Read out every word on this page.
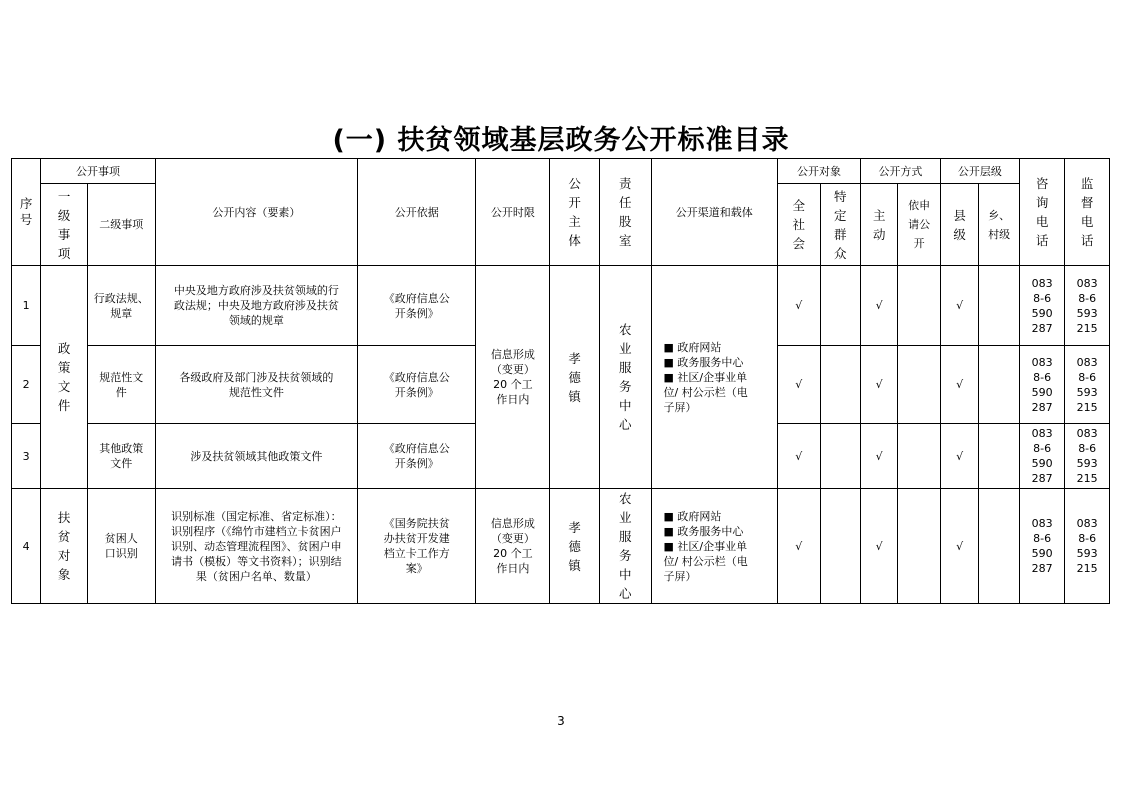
(一) 扶贫领域基层政务公开标准目录
序号	公开事项		公开内容（要素）	公开依据	公开时限	公开主体	责任股室	公开渠道和载体	公开对象		公开方式		公开层级		咨询电话	监督电话
	一级事项	二级事项							全社会	特定群众	主动	依申请公开	县级	乡、村级		
1	政策文件	行政法规、规章	中央及地方政府涉及扶贫领域的行政法规；中央及地方政府涉及扶贫领域的规章	《政府信息公开条例》	信息形成（变更）20 个工作日内	孝德镇	农业服务中心	■ 政府网站
■ 政务服务中心
■ 社区/企事业单
位/ 村公示栏（电
子屏）	√		√		√		0838-6590287	0838-6593215
2		规范性文件	各级政府及部门涉及扶贫领域的规范性文件	《政府信息公开条例》					√		√		√		0838-6590287	0838-6593215
3		其他政策文件	涉及扶贫领域其他政策文件	《政府信息公开条例》					√		√		√		0838-6590287	0838-6593215
4	扶贫对象	贫困人口识别	识别标准（国定标准、省定标准）：识别程序（《绵竹市建档立卡贫困户识别、动态管理流程图》、贫困户申请书（模板）等文书资料）；识别结果（贫困户名单、数量）	《国务院扶贫办扶贫开发建档立卡工作方案》	信息形成（变更）20 个工作日内	孝德镇	农业服务中心	■ 政府网站
■ 政务服务中心
■ 社区/企事业单
位/ 村公示栏（电
子屏）	√		√		√		0838-6590287	0838-6593215
3
